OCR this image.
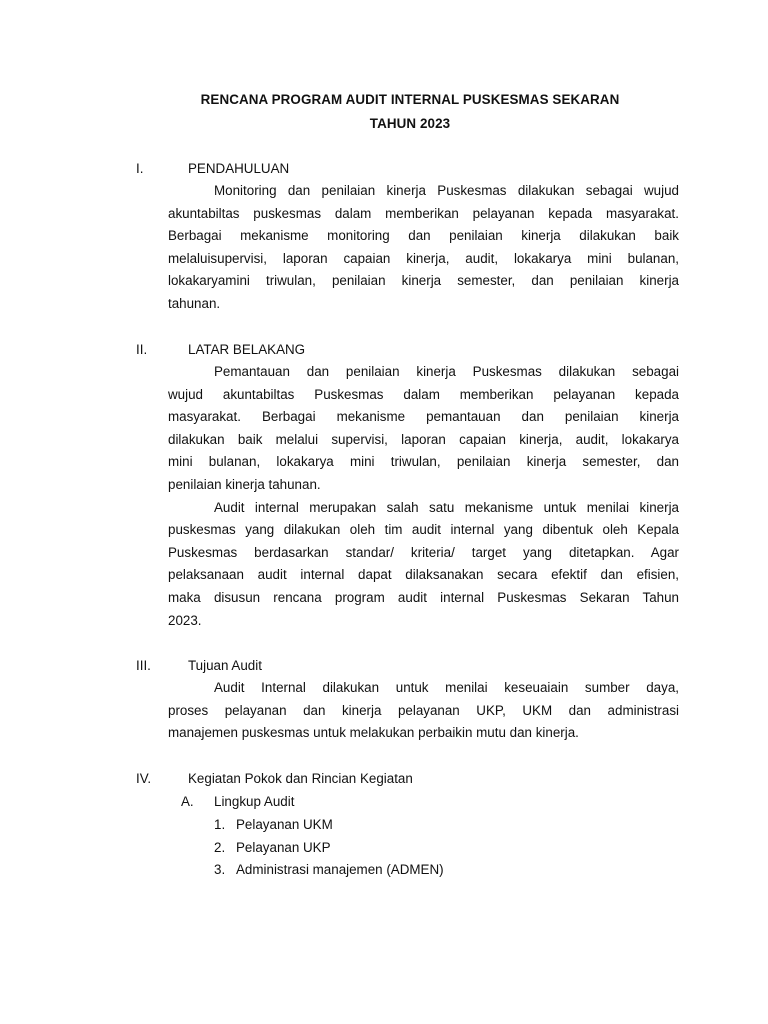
RENCANA PROGRAM AUDIT INTERNAL PUSKESMAS SEKARAN
TAHUN 2023
I.	PENDAHULUAN
Monitoring dan penilaian kinerja Puskesmas dilakukan sebagai wujud
akuntabiltas puskesmas dalam memberikan pelayanan kepada masyarakat.
Berbagai mekanisme monitoring dan penilaian kinerja dilakukan baik
melaluisupervisi, laporan capaian kinerja, audit, lokakarya mini bulanan,
lokakaryamini triwulan, penilaian kinerja semester, dan penilaian kinerja
tahunan.
II.	LATAR BELAKANG
Pemantauan dan penilaian kinerja Puskesmas dilakukan sebagai
wujud akuntabiltas Puskesmas dalam memberikan pelayanan kepada
masyarakat. Berbagai mekanisme pemantauan dan penilaian kinerja
dilakukan baik melalui supervisi, laporan capaian kinerja, audit, lokakarya
mini bulanan, lokakarya mini triwulan, penilaian kinerja semester, dan
penilaian kinerja tahunan.
Audit internal merupakan salah satu mekanisme untuk menilai kinerja
puskesmas yang dilakukan oleh tim audit internal yang dibentuk oleh Kepala
Puskesmas berdasarkan standar/ kriteria/ target yang ditetapkan. Agar
pelaksanaan audit internal dapat dilaksanakan secara efektif dan efisien,
maka disusun rencana program audit internal Puskesmas Sekaran Tahun
2023.
III.	Tujuan Audit
Audit Internal dilakukan untuk menilai keseuaiain sumber daya,
proses pelayanan dan kinerja pelayanan UKP, UKM dan administrasi
manajemen puskesmas untuk melakukan perbaikin mutu dan kinerja.
IV.	Kegiatan Pokok dan Rincian Kegiatan
A. Lingkup Audit
1. Pelayanan UKM
2. Pelayanan UKP
3. Administrasi manajemen (ADMEN)
